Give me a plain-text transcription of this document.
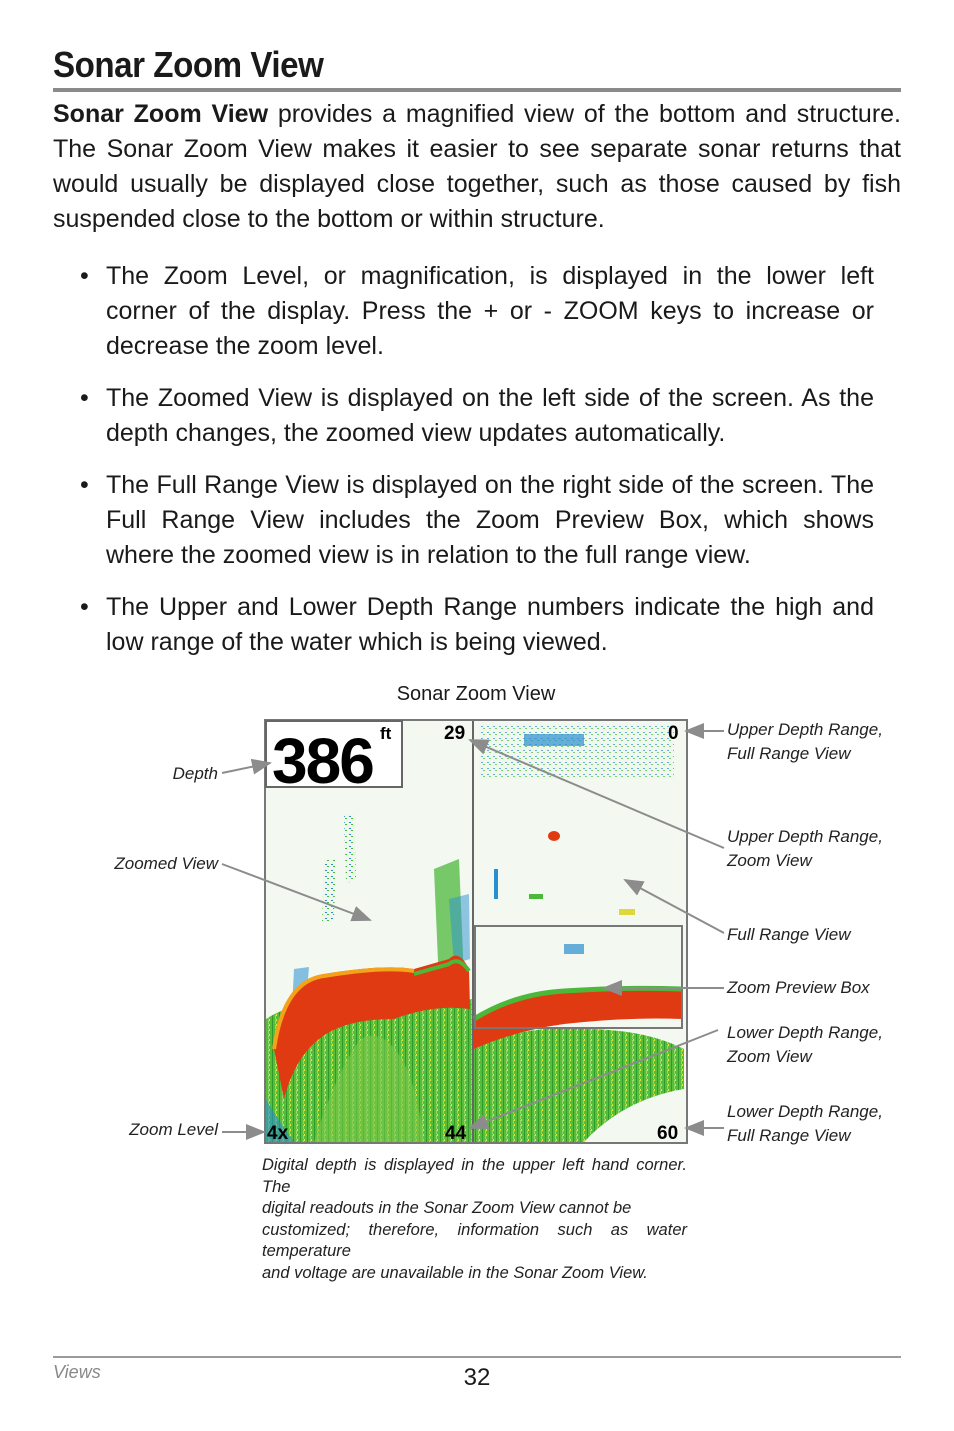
Sonar Zoom View

Sonar Zoom View provides a magnified view of the bottom and structure. The Sonar Zoom View makes it easier to see separate sonar returns that would usually be displayed close together, such as those caused by fish suspended close to the bottom or within structure.

• The Zoom Level, or magnification, is displayed in the lower left corner of the display. Press the + or - ZOOM keys to increase or decrease the zoom level.
• The Zoomed View is displayed on the left side of the screen. As the depth changes, the zoomed view updates automatically.
• The Full Range View is displayed on the right side of the screen. The Full Range View includes the Zoom Preview Box, which shows where the zoomed view is in relation to the full range view.
• The Upper and Lower Depth Range numbers indicate the high and low range of the water which is being viewed.
Sonar Zoom View
386 ft	29	0
4x	44	60
Depth
Zoomed View
Zoom Level
Upper Depth Range,
Full Range View
Upper Depth Range,
Zoom View
Full Range View
Zoom Preview Box
Lower Depth Range,
Zoom View
Lower Depth Range,
Full Range View

Digital depth is displayed in the upper left hand corner. The
digital readouts in the Sonar Zoom View cannot be
customized; therefore, information such as water temperature
and voltage are unavailable in the Sonar Zoom View.

Views	32
